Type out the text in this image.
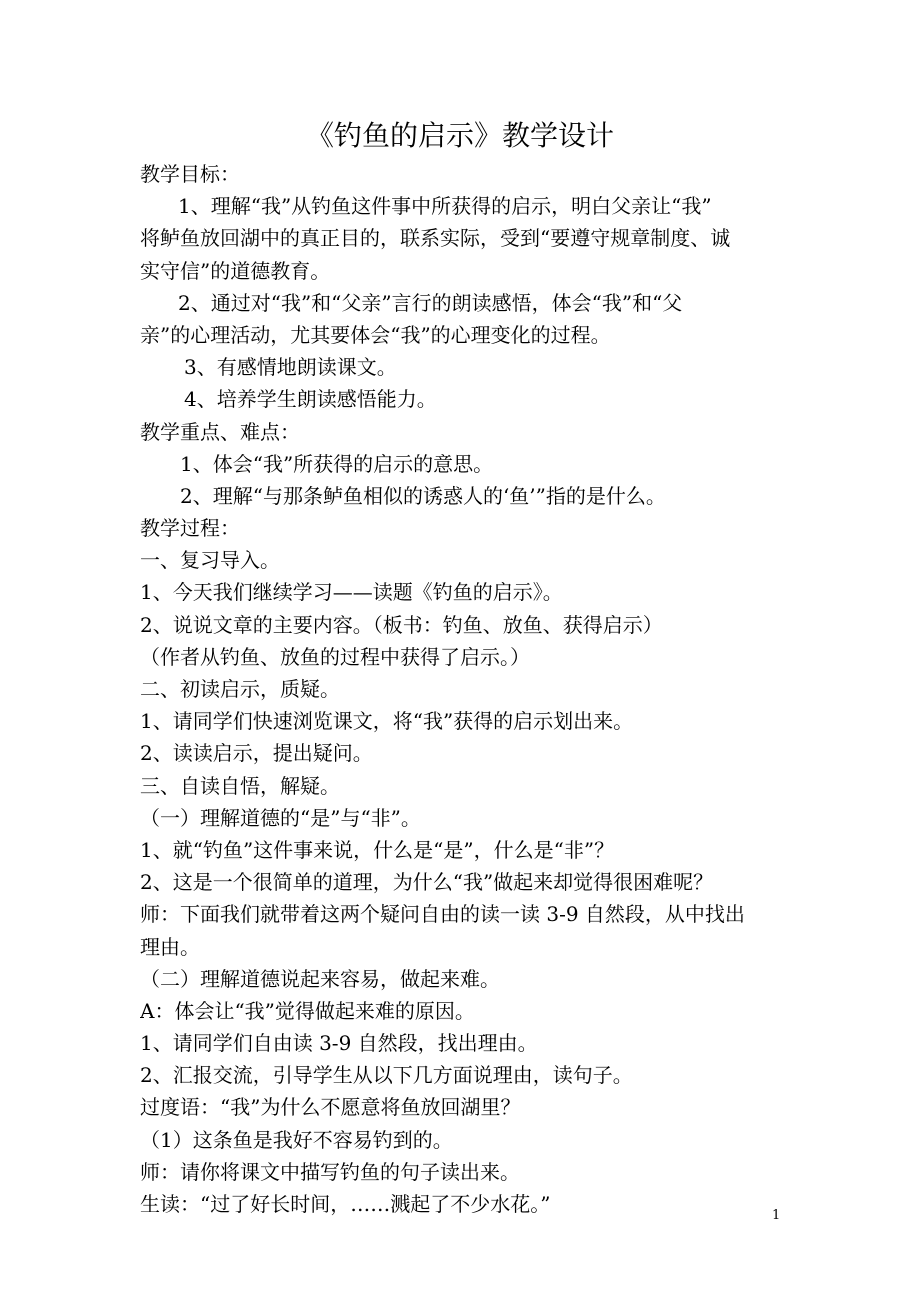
《钓鱼的启示》教学设计
教学目标：
1、理解“我”从钓鱼这件事中所获得的启示，明白父亲让“我”
将鲈鱼放回湖中的真正目的，联系实际，受到“要遵守规章制度、诚
实守信”的道德教育。
2、通过对“我”和“父亲”言行的朗读感悟，体会“我”和“父
亲”的心理活动，尤其要体会“我”的心理变化的过程。
3、有感情地朗读课文。
4、培养学生朗读感悟能力。
教学重点、难点：
1、体会“我”所获得的启示的意思。
2、理解“与那条鲈鱼相似的诱惑人的‘鱼’”指的是什么。
教学过程：
一、复习导入。
1、今天我们继续学习——读题《钓鱼的启示》。
2、说说文章的主要内容。（板书：钓鱼、放鱼、获得启示）
（作者从钓鱼、放鱼的过程中获得了启示。）
二、初读启示，质疑。
1、请同学们快速浏览课文，将“我”获得的启示划出来。
2、读读启示，提出疑问。
三、自读自悟，解疑。
（一）理解道德的“是”与“非”。
1、就“钓鱼”这件事来说，什么是“是”，什么是“非”？
2、这是一个很简单的道理，为什么“我”做起来却觉得很困难呢？
师：下面我们就带着这两个疑问自由的读一读 3-9 自然段，从中找出
理由。
（二）理解道德说起来容易，做起来难。
A：体会让“我”觉得做起来难的原因。
1、请同学们自由读 3-9 自然段，找出理由。
2、汇报交流，引导学生从以下几方面说理由，读句子。
过度语：“我”为什么不愿意将鱼放回湖里？
（1）这条鱼是我好不容易钓到的。
师：请你将课文中描写钓鱼的句子读出来。
生读：“过了好长时间，……溅起了不少水花。”	1
